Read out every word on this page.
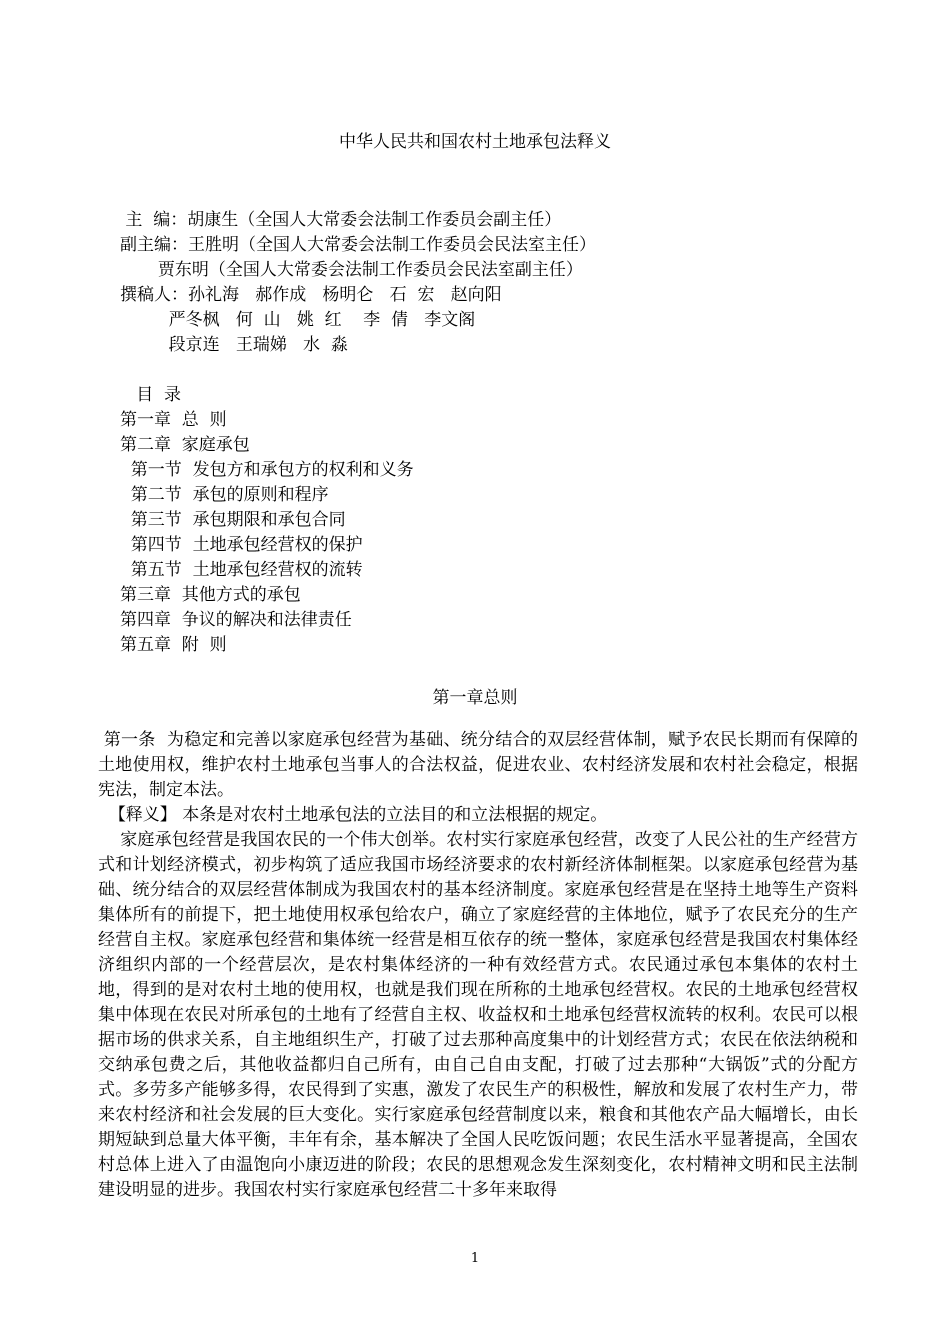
中华人民共和国农村土地承包法释义
主  编：胡康生（全国人大常委会法制工作委员会副主任）
副主编：王胜明（全国人大常委会法制工作委员会民法室主任）
贾东明（全国人大常委会法制工作委员会民法室副主任）
撰稿人：孙礼海   郝作成   杨明仑   石  宏   赵向阳
严冬枫   何  山   姚  红    李  倩   李文阁
段京连   王瑞娣   水  淼
目  录
第一章  总  则
第二章  家庭承包
第一节  发包方和承包方的权利和义务
第二节  承包的原则和程序
第三节  承包期限和承包合同
第四节  土地承包经营权的保护
第五节  土地承包经营权的流转
第三章  其他方式的承包
第四章  争议的解决和法律责任
第五章  附  则
第一章总则
第一条  为稳定和完善以家庭承包经营为基础、统分结合的双层经营体制，赋予农民长期而有保障的土地使用权，维护农村土地承包当事人的合法权益，促进农业、农村经济发展和农村社会稳定，根据宪法，制定本法。
【释义】 本条是对农村土地承包法的立法目的和立法根据的规定。
家庭承包经营是我国农民的一个伟大创举。农村实行家庭承包经营，改变了人民公社的生产经营方式和计划经济模式，初步构筑了适应我国市场经济要求的农村新经济体制框架。以家庭承包经营为基础、统分结合的双层经营体制成为我国农村的基本经济制度。家庭承包经营是在坚持土地等生产资料集体所有的前提下，把土地使用权承包给农户，确立了家庭经营的主体地位，赋予了农民充分的生产经营自主权。家庭承包经营和集体统一经营是相互依存的统一整体，家庭承包经营是我国农村集体经济组织内部的一个经营层次，是农村集体经济的一种有效经营方式。农民通过承包本集体的农村土地，得到的是对农村土地的使用权，也就是我们现在所称的土地承包经营权。农民的土地承包经营权集中体现在农民对所承包的土地有了经营自主权、收益权和土地承包经营权流转的权利。农民可以根据市场的供求关系，自主地组织生产，打破了过去那种高度集中的计划经营方式；农民在依法纳税和交纳承包费之后，其他收益都归自己所有，由自己自由支配，打破了过去那种“大锅饭”式的分配方式。多劳多产能够多得，农民得到了实惠，激发了农民生产的积极性，解放和发展了农村生产力，带来农村经济和社会发展的巨大变化。实行家庭承包经营制度以来，粮食和其他农产品大幅增长，由长期短缺到总量大体平衡，丰年有余，基本解决了全国人民吃饭问题；农民生活水平显著提高，全国农村总体上进入了由温饱向小康迈进的阶段；农民的思想观念发生深刻变化，农村精神文明和民主法制建设明显的进步。我国农村实行家庭承包经营二十多年来取得
1
